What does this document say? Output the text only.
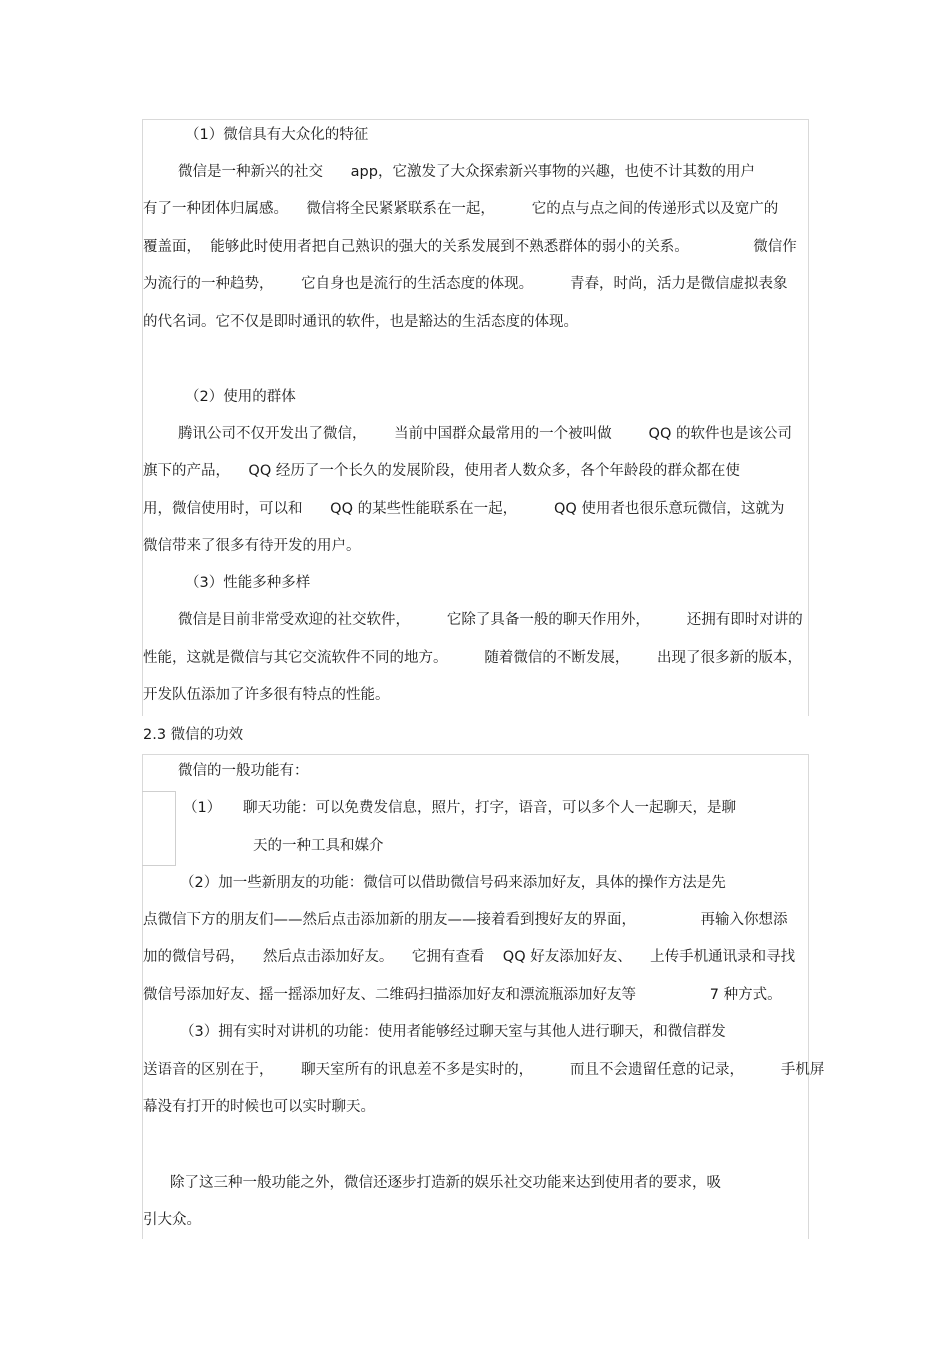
（1）微信具有大众化的特征

微信是一种新兴的社交      app，它激发了大众探索新兴事物的兴趣，也使不计其数的用户

有了一种团体归属感。    微信将全民紧紧联系在一起，        它的点与点之间的传递形式以及宽广的

覆盖面，  能够此时使用者把自己熟识的强大的关系发展到不熟悉群体的弱小的关系。              微信作

为流行的一种趋势，      它自身也是流行的生活态度的体现。        青春，时尚，活力是微信虚拟表象

的代名词。它不仅是即时通讯的软件，也是豁达的生活态度的体现。

（2）使用的群体

腾讯公司不仅开发出了微信，      当前中国群众最常用的一个被叫做        QQ 的软件也是该公司

旗下的产品，    QQ 经历了一个长久的发展阶段，使用者人数众多，各个年龄段的群众都在使

用，微信使用时，可以和      QQ 的某些性能联系在一起，        QQ 使用者也很乐意玩微信，这就为

微信带来了很多有待开发的用户。

（3）性能多种多样

微信是目前非常受欢迎的社交软件，        它除了具备一般的聊天作用外，        还拥有即时对讲的

性能，这就是微信与其它交流软件不同的地方。        随着微信的不断发展，      出现了很多新的版本，

开发队伍添加了许多很有特点的性能。

2.3 微信的功效

微信的一般功能有：

（1） 聊天功能：可以免费发信息，照片，打字，语音，可以多个人一起聊天，是聊

天的一种工具和媒介

（2）加一些新朋友的功能：微信可以借助微信号码来添加好友，具体的操作方法是先

点微信下方的朋友们——然后点击添加新的朋友——接着看到搜好友的界面，              再输入你想添

加的微信号码，    然后点击添加好友。    它拥有查看    QQ 好友添加好友、    上传手机通讯录和寻找

微信号添加好友、摇一摇添加好友、二维码扫描添加好友和漂流瓶添加好友等                7 种方式。

（3）拥有实时对讲机的功能：使用者能够经过聊天室与其他人进行聊天，和微信群发

送语音的区别在于，      聊天室所有的讯息差不多是实时的，        而且不会遗留任意的记录，        手机屏

幕没有打开的时候也可以实时聊天。

除了这三种一般功能之外，微信还逐步打造新的娱乐社交功能来达到使用者的要求，吸

引大众。
